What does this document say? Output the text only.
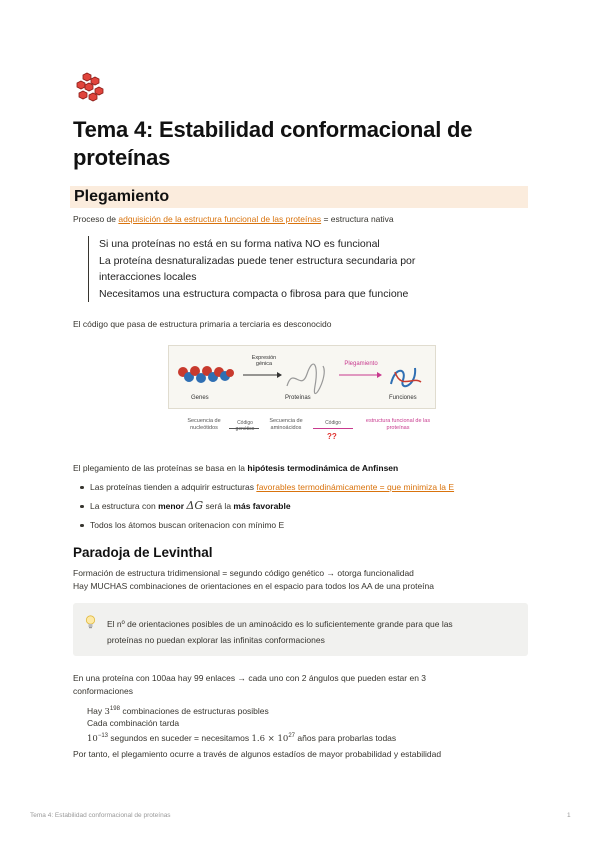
Tema 4: Estabilidad conformacional de proteínas
Plegamiento
Proceso de adquisición de la estructura funcional de las proteínas = estructura nativa
Si una proteínas no está en su forma nativa NO es funcional
La proteína desnaturalizadas puede tener estructura secundaria por
interacciones locales
Necesitamos una estructura compacta o fibrosa para que funcione
El código que pasa de estructura primaria a terciaria es desconocido
Expresión génica	Plegamiento
Genes	Proteínas	Funciones
Secuencia de nucleótidos
Código genético
Secuencia de aminoácidos
Código
??
estructura funcional de las proteínas
El plegamiento de las proteínas se basa en la hipótesis termodinámica de Anfinsen
Las proteínas tienden a adquirir estructuras favorables termodinámicamente = que minimiza la E
La estructura con menor ΔG será la más favorable
Todos los átomos buscan oritenacion con mínimo E
Paradoja de Levinthal
Formación de estructura tridimensional = segundo código genético → otorga funcionalidad
Hay MUCHAS combinaciones de orientaciones en el espacio para todos los AA de una proteína
El nº de orientaciones posibles de un aminoácido es lo suficientemente grande para que las
proteínas no puedan explorar las infinitas conformaciones
En una proteína con 100aa hay 99 enlaces → cada uno con 2 ángulos que pueden estar en 3
conformaciones
Hay $3^{198}$ combinaciones de estructuras posibles
Cada combinación tarda
$10^{-13}$ segundos en suceder = necesitamos $1.6 \times 10^{27}$ años para probarlas todas
Por tanto, el plegamiento ocurre a través de algunos estadíos de mayor probabilidad y estabilidad
Tema 4: Estabilidad conformacional de proteínas	1
